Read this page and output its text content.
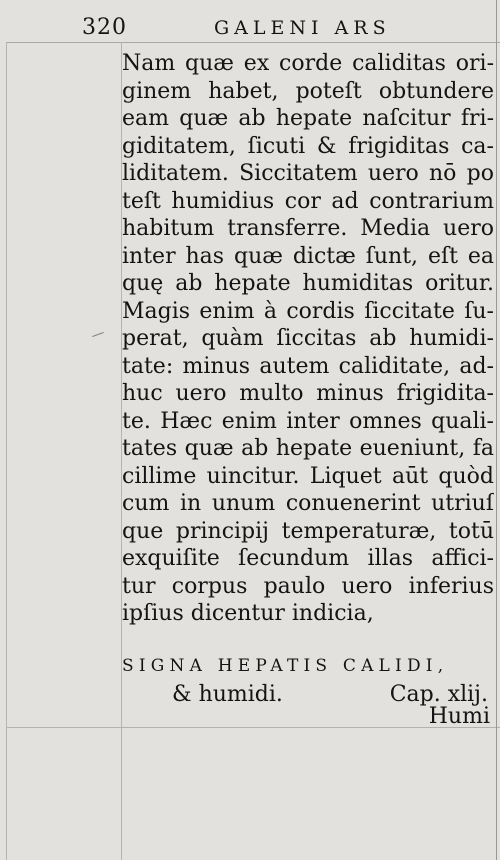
320	GALENI ARS
Nam quæ ex corde caliditas ori-
ginem habet, poteſt obtundere
eam quæ ab hepate naſcitur fri-
giditatem, ſicuti & frigiditas ca-
liditatem. Siccitatem uero nō po
teſt humidius cor ad contrarium
habitum transferre. Media uero
inter has quæ dictæ ſunt, eſt ea
quę ab hepate humiditas oritur.
Magis enim à cordis ſiccitate ſu-
perat, quàm ſiccitas ab humidi-
tate: minus autem caliditate, ad-
huc uero multo minus frigidita-
te. Hæc enim inter omnes quali-
tates quæ ab hepate eueniunt, fa
cillime uincitur. Liquet aūt quòd
cum in unum conuenerint utriuſ
que principij temperaturæ, totū
exquiſite ſecundum illas affici-
tur corpus paulo uero inferius
ipſius dicentur indicia,
SIGNA HEPATIS CALIDI,
& humidi.	Cap. xlij.
Humi
